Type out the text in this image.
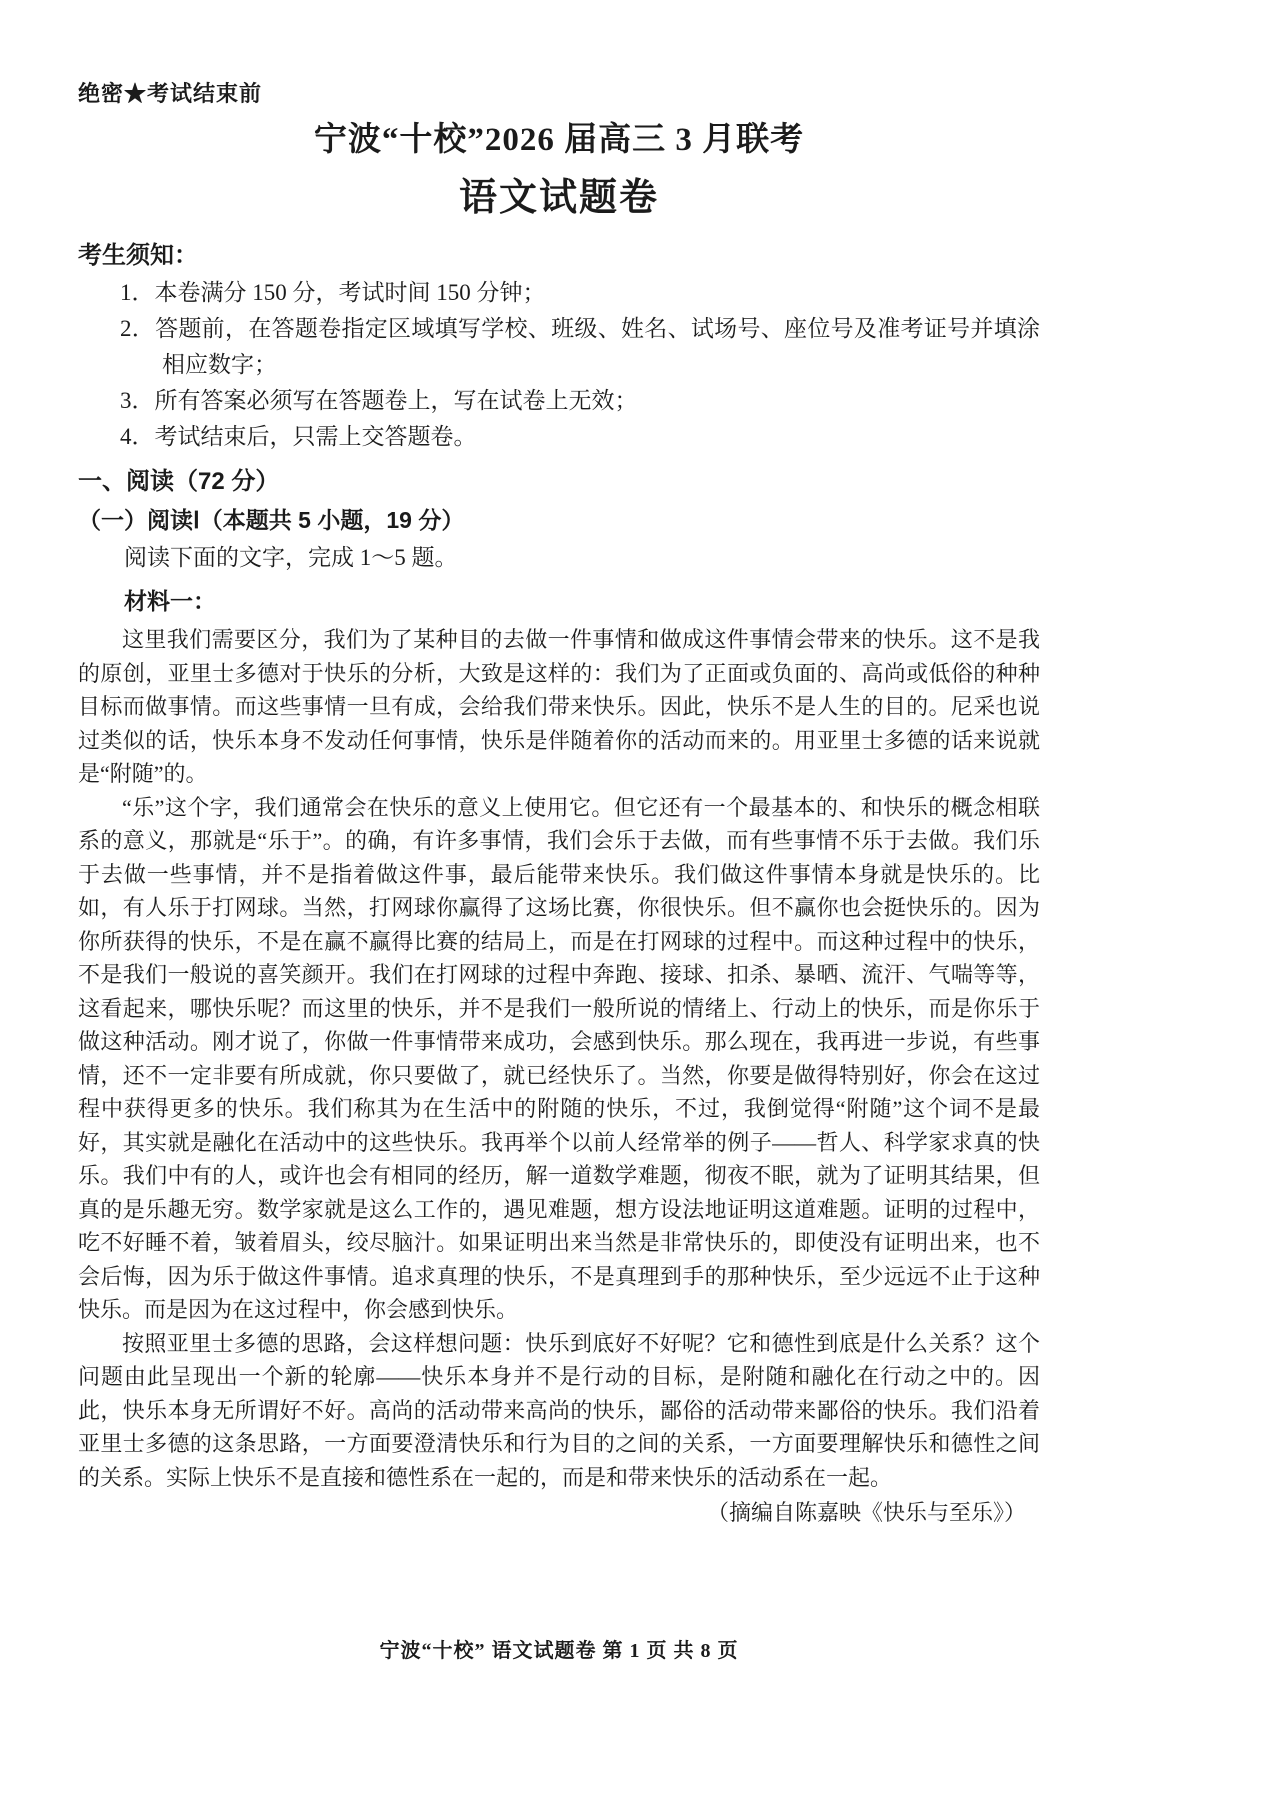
绝密★考试结束前
宁波“十校”2026 届高三 3 月联考
语文试题卷
考生须知：
1．本卷满分 150 分，考试时间 150 分钟；
2．答题前，在答题卷指定区域填写学校、班级、姓名、试场号、座位号及准考证号并填涂相应数字；
3．所有答案必须写在答题卷上，写在试卷上无效；
4．考试结束后，只需上交答题卷。
一、阅读（72 分）
（一）阅读Ⅰ（本题共 5 小题，19 分）
阅读下面的文字，完成 1～5 题。
材料一：

这里我们需要区分，我们为了某种目的去做一件事情和做成这件事情会带来的快乐。这不是我的原创，亚里士多德对于快乐的分析，大致是这样的：我们为了正面或负面的、高尚或低俗的种种目标而做事情。而这些事情一旦有成，会给我们带来快乐。因此，快乐不是人生的目的。尼采也说过类似的话，快乐本身不发动任何事情，快乐是伴随着你的活动而来的。用亚里士多德的话来说就是“附随”的。

“乐”这个字，我们通常会在快乐的意义上使用它。但它还有一个最基本的、和快乐的概念相联系的意义，那就是“乐于”。的确，有许多事情，我们会乐于去做，而有些事情不乐于去做。我们乐于去做一些事情，并不是指着做这件事，最后能带来快乐。我们做这件事情本身就是快乐的。比如，有人乐于打网球。当然，打网球你赢得了这场比赛，你很快乐。但不赢你也会挺快乐的。因为你所获得的快乐，不是在赢不赢得比赛的结局上，而是在打网球的过程中。而这种过程中的快乐，不是我们一般说的喜笑颜开。我们在打网球的过程中奔跑、接球、扣杀、暴晒、流汗、气喘等等，这看起来，哪快乐呢？而这里的快乐，并不是我们一般所说的情绪上、行动上的快乐，而是你乐于做这种活动。刚才说了，你做一件事情带来成功，会感到快乐。那么现在，我再进一步说，有些事情，还不一定非要有所成就，你只要做了，就已经快乐了。当然，你要是做得特别好，你会在这过程中获得更多的快乐。我们称其为在生活中的附随的快乐，不过，我倒觉得“附随”这个词不是最好，其实就是融化在活动中的这些快乐。我再举个以前人经常举的例子——哲人、科学家求真的快乐。我们中有的人，或许也会有相同的经历，解一道数学难题，彻夜不眠，就为了证明其结果，但真的是乐趣无穷。数学家就是这么工作的，遇见难题，想方设法地证明这道难题。证明的过程中，吃不好睡不着，皱着眉头，绞尽脑汁。如果证明出来当然是非常快乐的，即使没有证明出来，也不会后悔，因为乐于做这件事情。追求真理的快乐，不是真理到手的那种快乐，至少远远不止于这种快乐。而是因为在这过程中，你会感到快乐。

按照亚里士多德的思路，会这样想问题：快乐到底好不好呢？它和德性到底是什么关系？这个问题由此呈现出一个新的轮廓——快乐本身并不是行动的目标，是附随和融化在行动之中的。因此，快乐本身无所谓好不好。高尚的活动带来高尚的快乐，鄙俗的活动带来鄙俗的快乐。我们沿着亚里士多德的这条思路，一方面要澄清快乐和行为目的之间的关系，一方面要理解快乐和德性之间的关系。实际上快乐不是直接和德性系在一起的，而是和带来快乐的活动系在一起。

（摘编自陈嘉映《快乐与至乐》）
宁波“十校” 语文试题卷 第 1 页 共 8 页
